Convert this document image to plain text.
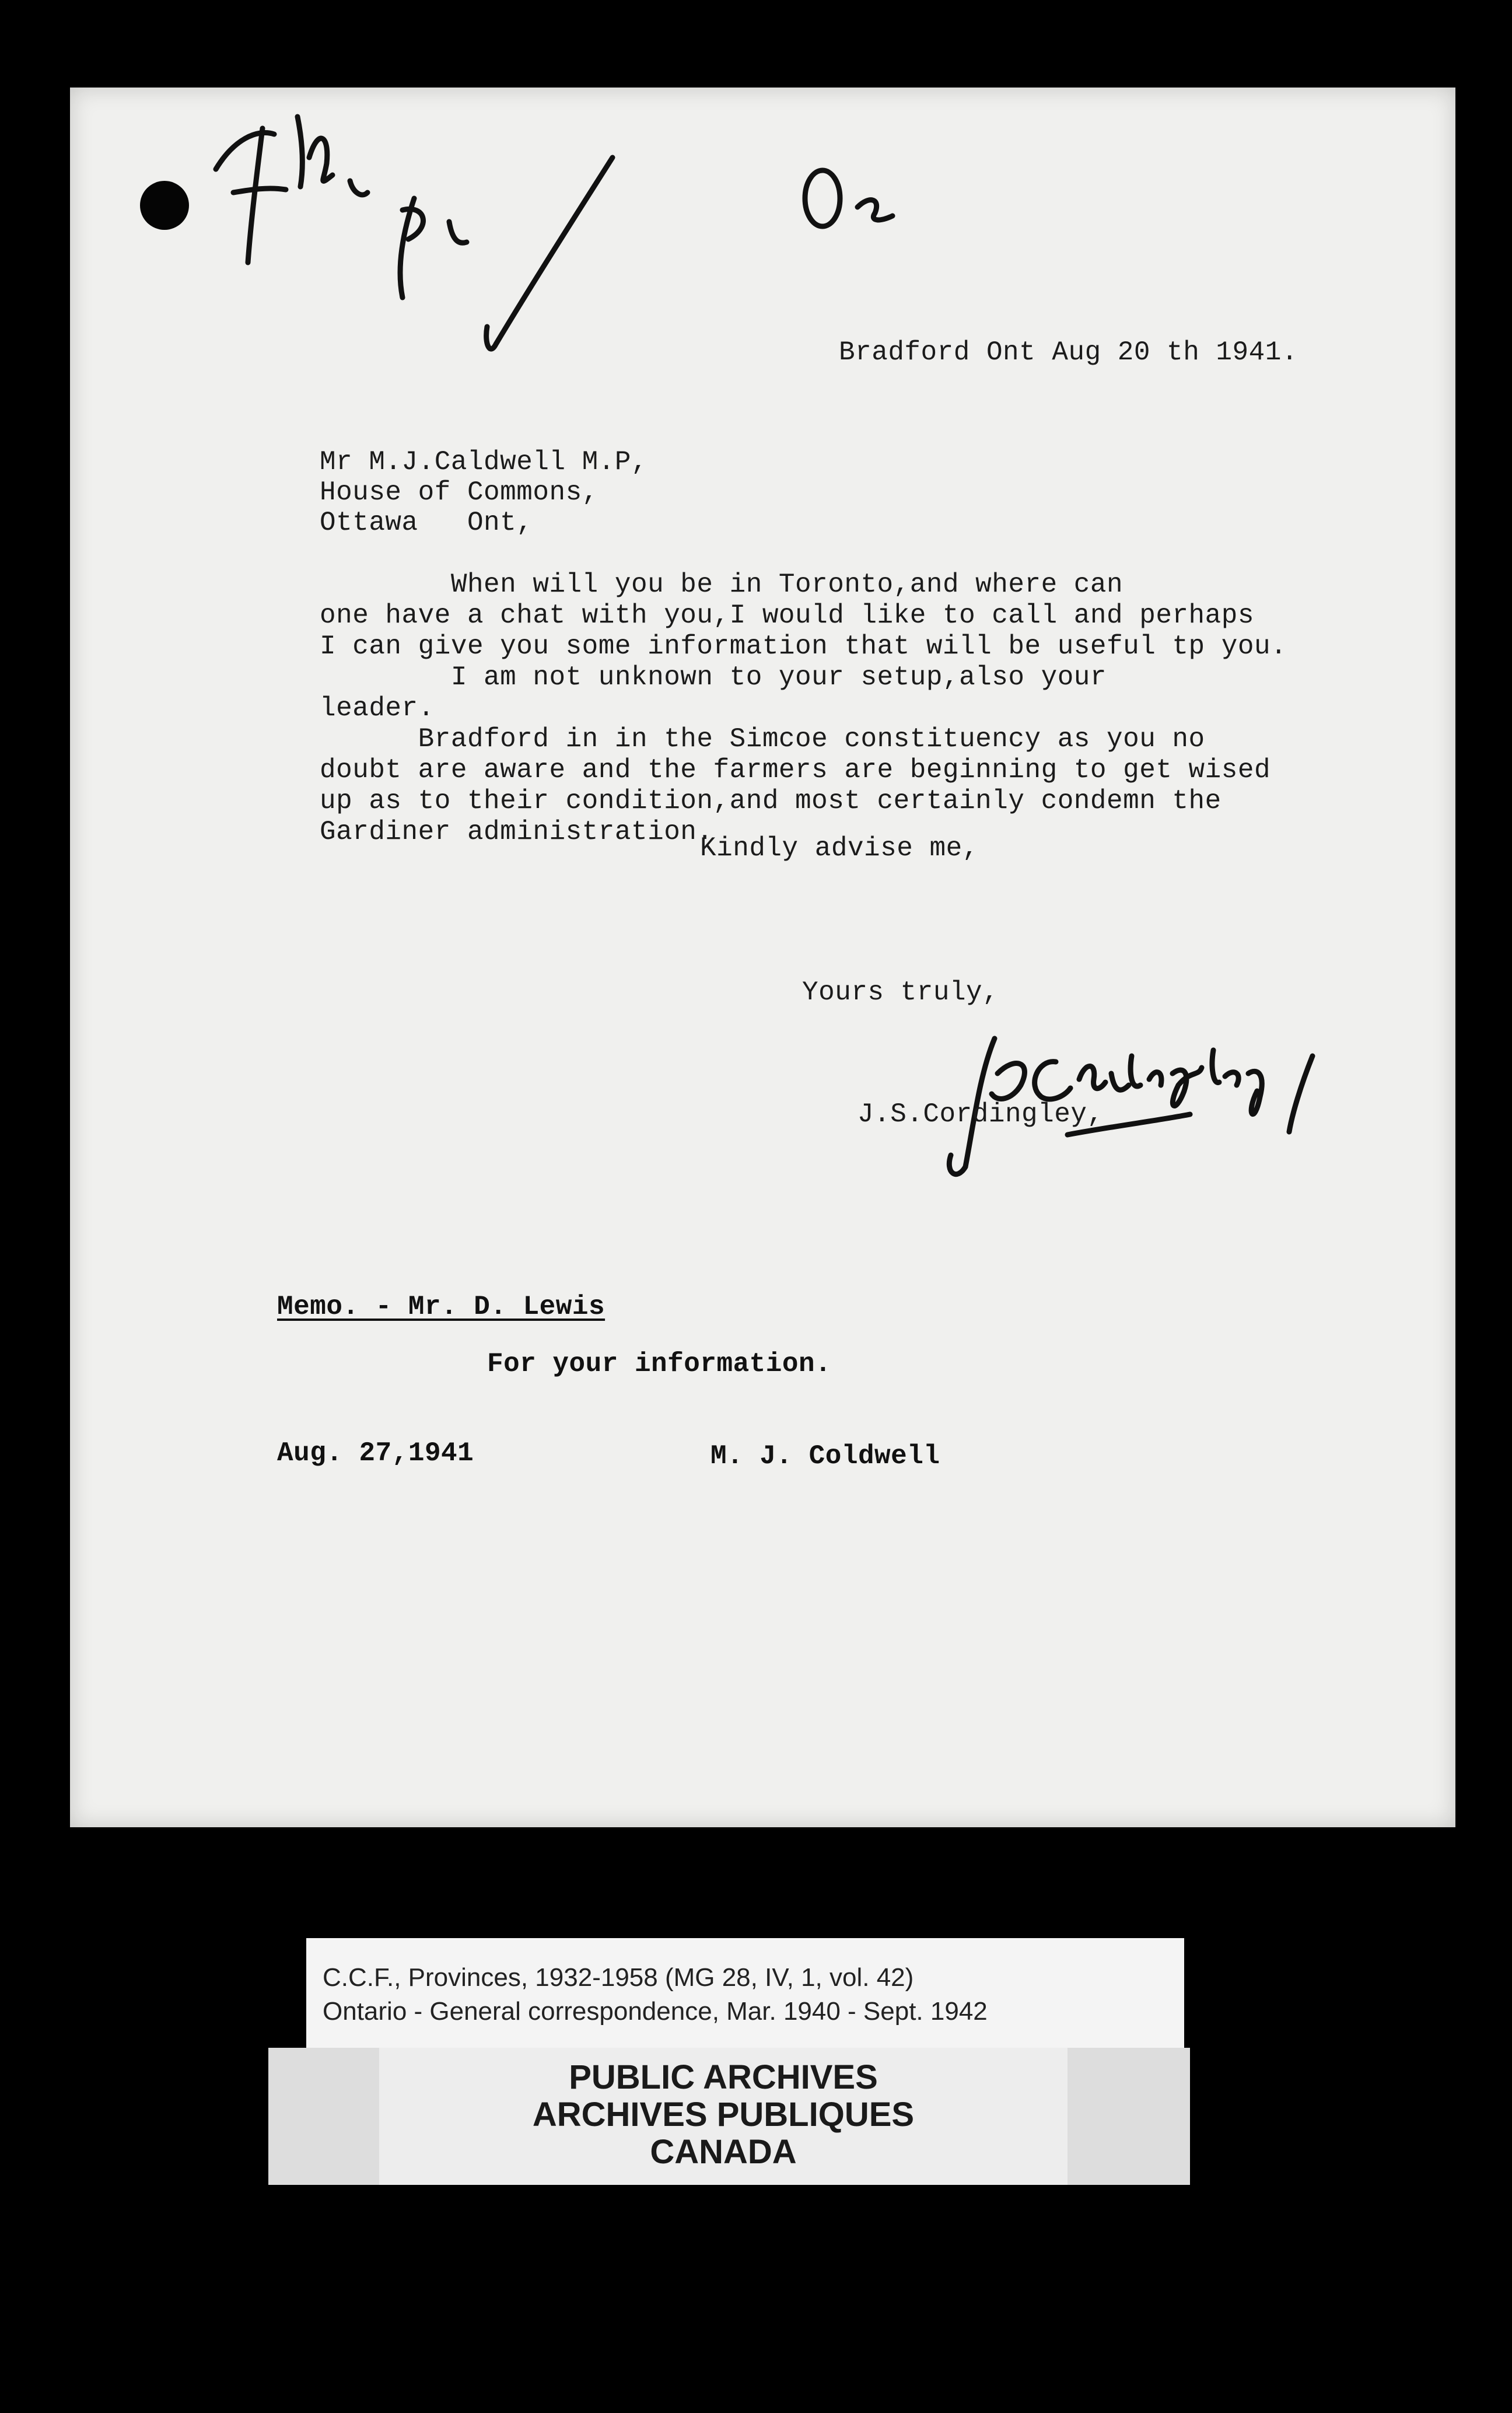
Bradford Ont Aug 20 th 1941.
Mr M.J.Caldwell M.P,
House of Commons,
Ottawa   Ont,
When will you be in Toronto,and where can
one have a chat with you,I would like to call and perhaps
I can give you some information that will be useful tp you.
I am not unknown to your setup,also your
leader.
Bradford in in the Simcoe constituency as you no
doubt are aware and the farmers are beginning to get wised
up as to their condition,and most certainly condemn the
Gardiner administration.
Kindly advise me,
Yours truly,
J.S.Cordingley,
Memo. - Mr. D. Lewis
For your information.
Aug. 27,1941	M. J. Coldwell
C.C.F., Provinces, 1932-1958 (MG 28, IV, 1, vol. 42)
Ontario - General correspondence, Mar. 1940 - Sept. 1942
PUBLIC ARCHIVES
ARCHIVES PUBLIQUES
CANADA
